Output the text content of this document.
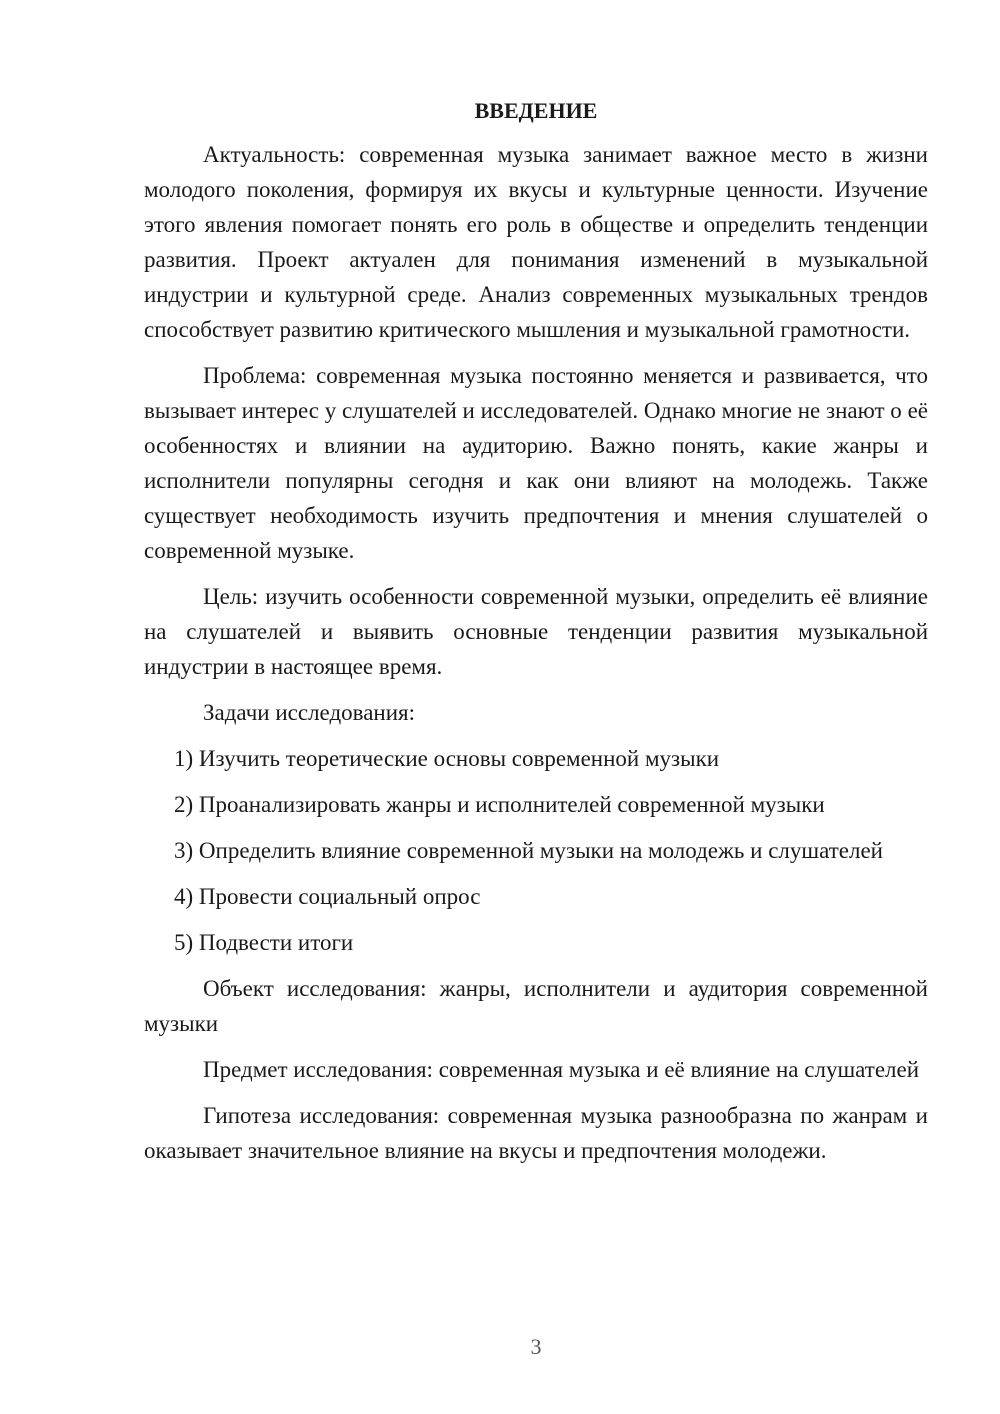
ВВЕДЕНИЕ

Актуальность: современная музыка занимает важное место в жизни молодого поколения, формируя их вкусы и культурные ценности. Изучение этого явления помогает понять его роль в обществе и определить тенденции развития. Проект актуален для понимания изменений в музыкальной индустрии и культурной среде. Анализ современных музыкальных трендов способствует развитию критического мышления и музыкальной грамотности.

Проблема: современная музыка постоянно меняется и развивается, что вызывает интерес у слушателей и исследователей. Однако многие не знают о её особенностях и влиянии на аудиторию. Важно понять, какие жанры и исполнители популярны сегодня и как они влияют на молодежь. Также существует необходимость изучить предпочтения и мнения слушателей о современной музыке.

Цель: изучить особенности современной музыки, определить её влияние на слушателей и выявить основные тенденции развития музыкальной индустрии в настоящее время.

Задачи исследования:

1) Изучить теоретические основы современной музыки

2) Проанализировать жанры и исполнителей современной музыки

3) Определить влияние современной музыки на молодежь и слушателей

4) Провести социальный опрос

5) Подвести итоги

Объект исследования: жанры, исполнители и аудитория современной музыки

Предмет исследования: современная музыка и её влияние на слушателей

Гипотеза исследования: современная музыка разнообразна по жанрам и оказывает значительное влияние на вкусы и предпочтения молодежи.

3
